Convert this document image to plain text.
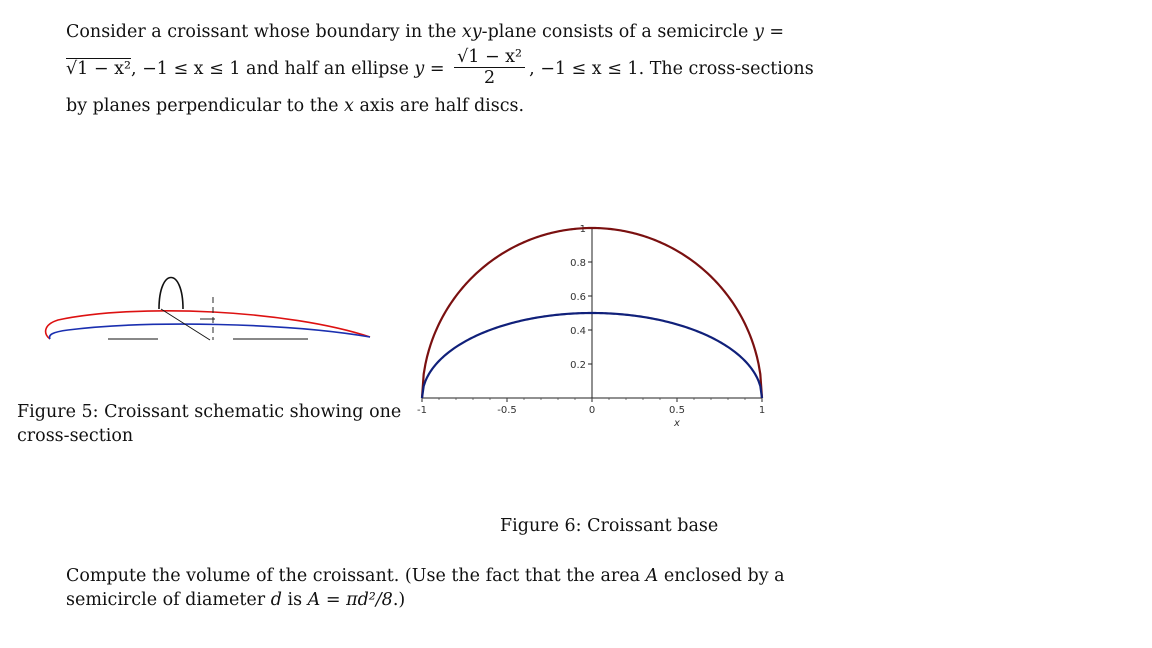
Consider a croissant whose boundary in the xy-plane consists of a semicircle y =
√1 − x², −1 ≤ x ≤ 1 and half an ellipse $y = \frac{\text{√1 − x²}}{2}$ , −1 ≤ x ≤ 1. The cross-sections
by planes perpendicular to the x axis are half discs.
Figure 5: Croissant schematic showing one cross-section
-1	-0.5	0	0.5	1
0.2
0.4
0.6
0.8
1
x
Figure 6: Croissant base
Compute the volume of the croissant. (Use the fact that the area A enclosed by a
semicircle of diameter d is A = πd²/8.)
